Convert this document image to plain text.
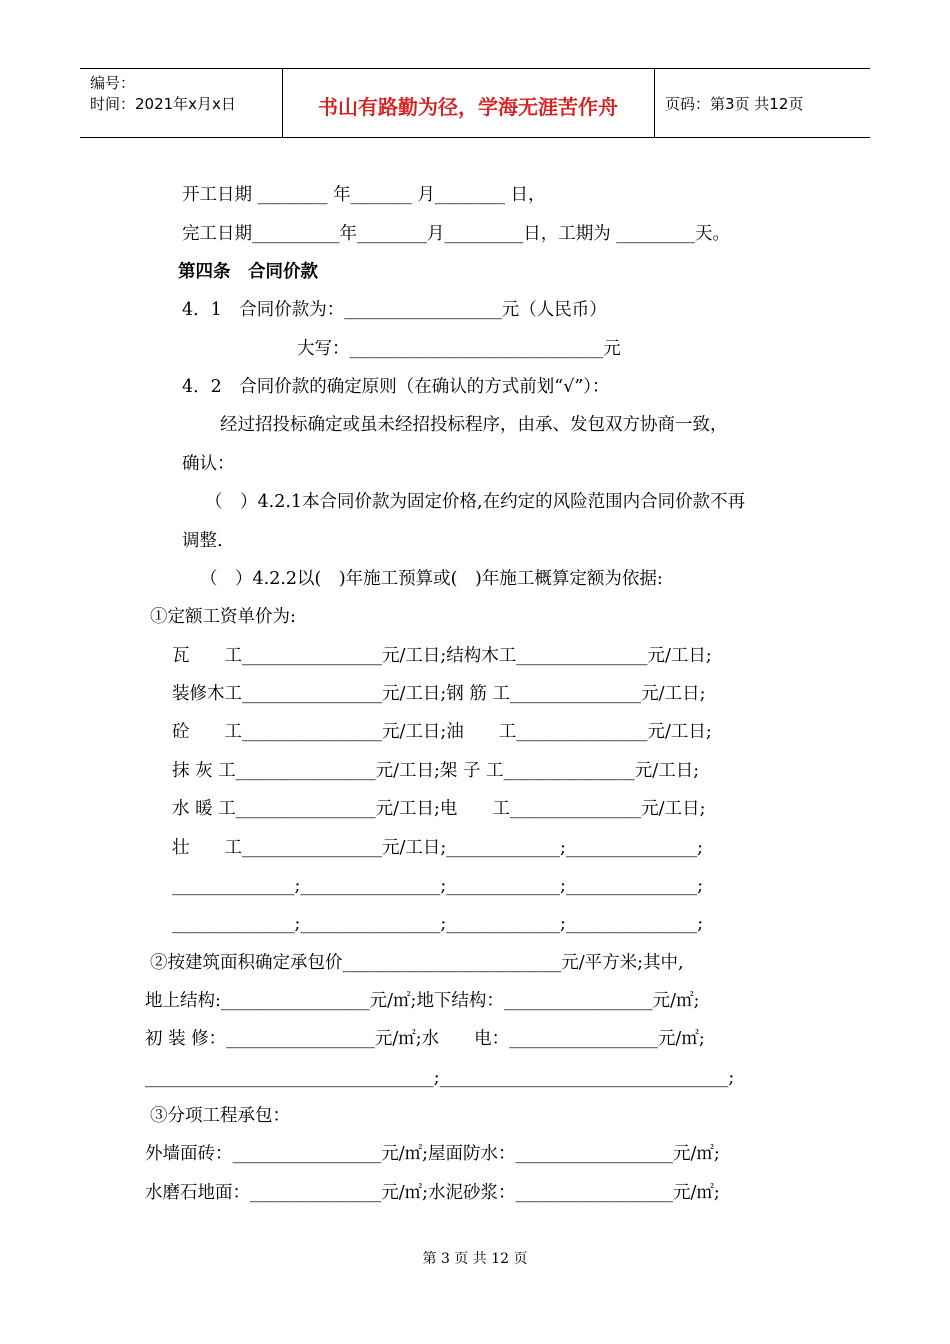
编号：
时间：2021年x月x日	书山有路勤为径，学海无涯苦作舟	页码：第3页 共12页
开工日期 ________ 年_______ 月________ 日，
完工日期__________年________月_________日，工期为 _________天。
第四条　合同价款
4．1　合同价款为：__________________元（人民币）
大写：_____________________________元
4．2　合同价款的确定原则（在确认的方式前划“√”）：
经过招投标确定或虽未经招投标程序，由承、发包双方协商一致，
确认：
（　）4.2.1本合同价款为固定价格,在约定的风险范围内合同价款不再
调整.
（　）4.2.2以(　)年施工预算或(　)年施工概算定额为依据:
①定额工资单价为:
瓦　　工________________元/工日;结构木工_______________元/工日;
装修木工________________元/工日;钢 筋 工_______________元/工日;
砼　　工________________元/工日;油　　工_______________元/工日;
抹 灰 工________________元/工日;架 子 工_______________元/工日;
水 暖 工________________元/工日;电　　工_______________元/工日;
壮　　工________________元/工日;_____________;_______________;
______________;________________;_____________;_______________;
______________;________________;_____________;_______________;
②按建筑面积确定承包价_________________________元/平方米;其中,
地上结构:_________________元/㎡;地下结构：_________________元/㎡;
初 装 修：_________________元/㎡;水　　电：_________________元/㎡;
_________________________________;_________________________________;
③分项工程承包：
外墙面砖：_________________元/㎡;屋面防水：__________________元/㎡;
水磨石地面：_______________元/㎡;水泥砂浆：__________________元/㎡;
第 3 页 共 12 页
